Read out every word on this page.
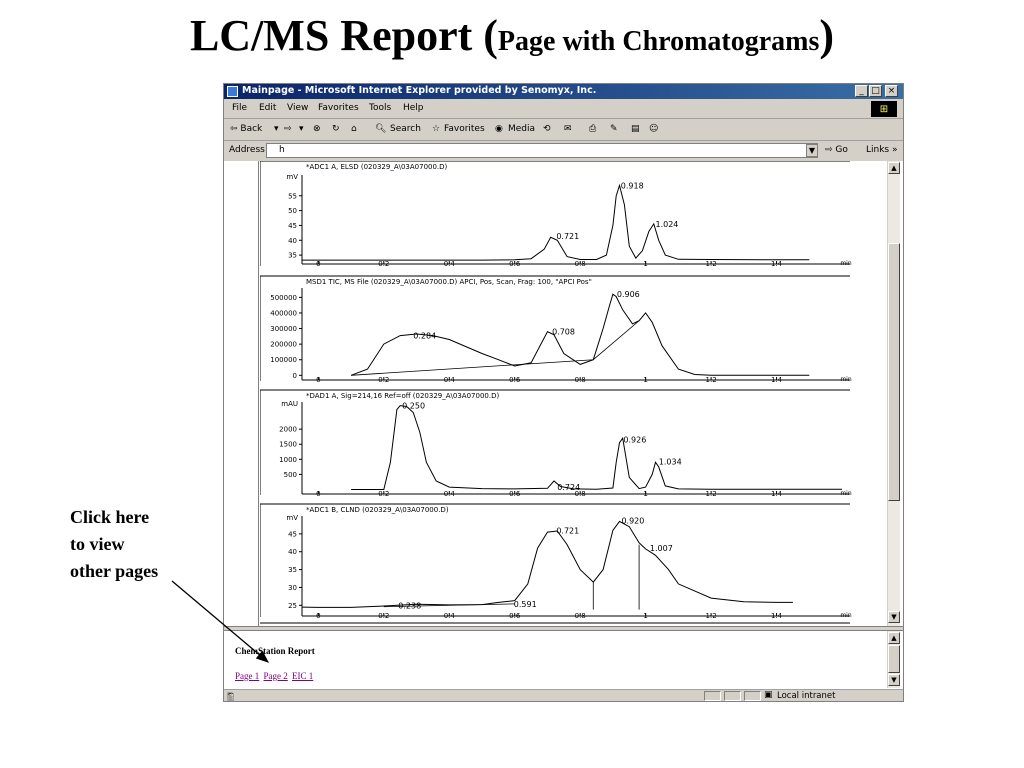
LC/MS Report (Page with Chromatograms)
Click here
to view
other pages
Mainpage - Microsoft Internet Explorer provided by Senomyx, Inc.	_ □ ×
File Edit View Favorites Tools Help	⊞
⇦ Back ▾ ⇨ ▾ ⊗ ↻ ⌂ 🔍︎ Search ☆ Favorites ◉ Media ⟲ ✉ ⎙ ✎ ▤ ☺
Address	h	▼	⇨ Go Links »
*ADC1 A, ELSD (020329_A\03A07000.D)
mV
35
40
45
50
55
0	0.2	0.4	0.6	0.8	1	1.2	1.4	min
0.721
0.918
1.024
MSD1 TIC, MS File (020329_A\03A07000.D) APCI, Pos, Scan, Frag: 100, "APCI Pos"
0
100000
200000
300000
400000
500000
0	0.2	0.4	0.6	0.8	1	1.2	1.4	min
0.284	0.708
0.906
*DAD1 A, Sig=214,16 Ref=off (020329_A\03A07000.D)
mAU
500
1000
1500
2000
0	0.2	0.4	0.6	0.8	1	1.2	1.4	min
0.250
0.724
0.926
1.034
*ADC1 B, CLND (020329_A\03A07000.D)
mV
25
30
35
40
45
0	0.2	0.4	0.6	0.8	1	1.2	1.4	min
0.238	0.591
0.721
0.920
1.007
▲
▼
ChemStation Report
Page 1 Page 2 EIC 1
▲
▼
🖺︎	▣ Local intranet
